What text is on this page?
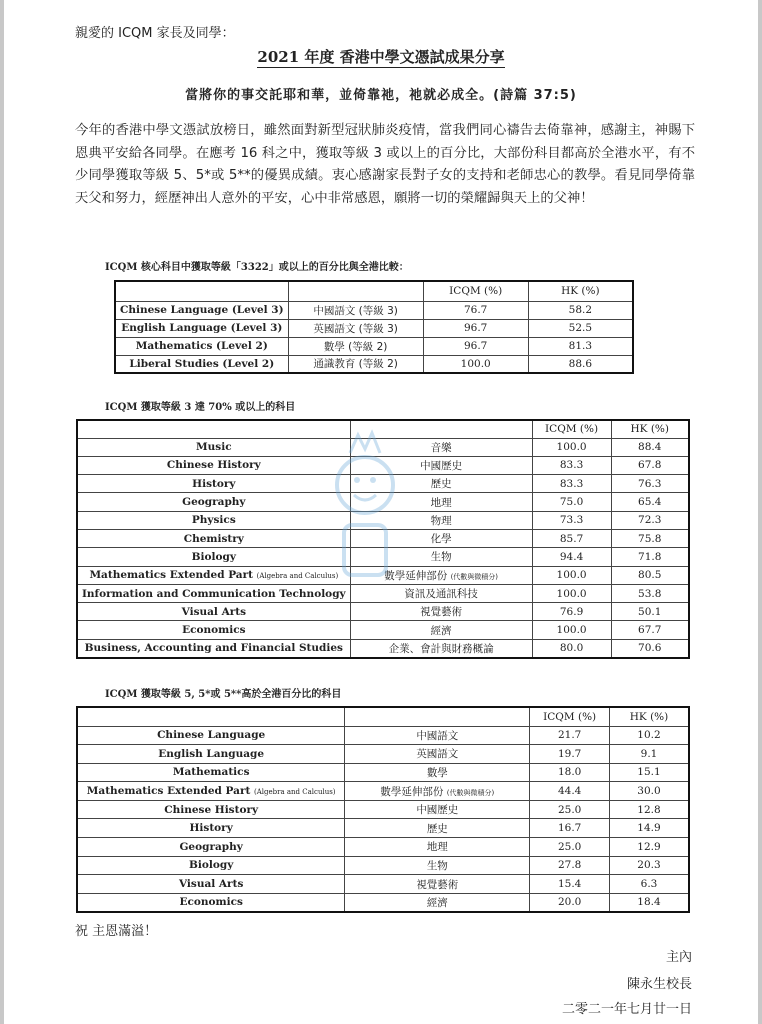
親愛的 ICQM 家長及同學：
2021 年度 香港中學文憑試成果分享
當將你的事交託耶和華，並倚靠祂，祂就必成全。(詩篇 37:5)
今年的香港中學文憑試放榜日，雖然面對新型冠狀肺炎疫情，當我們同心禱告去倚靠神，感謝主，神賜下恩典平安給各同學。在應考 16 科之中，獲取等級 3 或以上的百分比，大部份科目都高於全港水平，有不少同學獲取等級 5、5*或 5**的優異成績。衷心感謝家長對子女的支持和老師忠心的教學。看見同學倚靠天父和努力，經歷神出人意外的平安，心中非常感恩，願將一切的榮耀歸與天上的父神！
ICQM 核心科目中獲取等級「3322」或以上的百分比與全港比較：
		ICQM (%)	HK (%)
Chinese Language (Level 3)	中國語文 (等級 3)	76.7	58.2
English Language (Level 3)	英國語文 (等級 3)	96.7	52.5
Mathematics (Level 2)	數學 (等級 2)	96.7	81.3
Liberal Studies (Level 2)	通識教育 (等級 2)	100.0	88.6
ICQM 獲取等級 3 達 70% 或以上的科目
		ICQM (%)	HK (%)
Music	音樂	100.0	88.4
Chinese History	中國歷史	83.3	67.8
History	歷史	83.3	76.3
Geography	地理	75.0	65.4
Physics	物理	73.3	72.3
Chemistry	化學	85.7	75.8
Biology	生物	94.4	71.8
Mathematics Extended Part (Algebra and Calculus)	數學延伸部份 (代數與微積分)	100.0	80.5
Information and Communication Technology	資訊及通訊科技	100.0	53.8
Visual Arts	視覺藝術	76.9	50.1
Economics	經濟	100.0	67.7
Business, Accounting and Financial Studies	企業、會計與財務概論	80.0	70.6
ICQM 獲取等級 5, 5*或 5**高於全港百分比的科目
		ICQM (%)	HK (%)
Chinese Language	中國語文	21.7	10.2
English Language	英國語文	19.7	9.1
Mathematics	數學	18.0	15.1
Mathematics Extended Part (Algebra and Calculus)	數學延伸部份 (代數與微積分)	44.4	30.0
Chinese History	中國歷史	25.0	12.8
History	歷史	16.7	14.9
Geography	地理	25.0	12.9
Biology	生物	27.8	20.3
Visual Arts	視覺藝術	15.4	6.3
Economics	經濟	20.0	18.4
祝 主恩滿溢！
主內
陳永生校長
二零二一年七月廿一日
